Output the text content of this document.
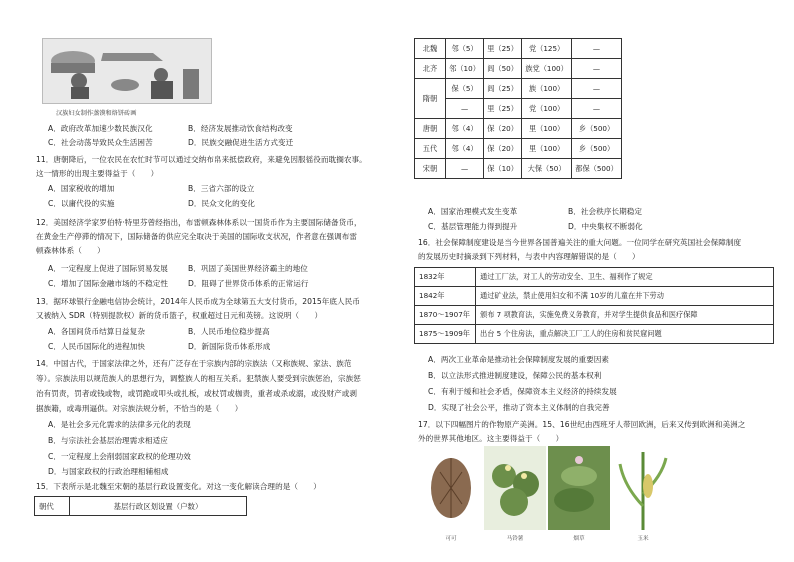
汉族妇女制作蒸馍和烙饼砖画
A．政府改革加速少数民族汉化	B．经济发展推动饮食结构改变
C．社会动荡导致民众生活困苦	D．民族交融促进生活方式变迁
11．唐朝降后，一位农民在农忙时节可以通过交纳布帛来抵偿政府，来避免因服徭役而耽搁农事。
这一情形的出现主要得益于（　　）
A．国家税收的增加	B．三省六部的设立
C．以庸代役的实施	D．民众文化的变化
12．美国经济学家罗伯特·特里芬曾经指出，布雷顿森林体系以一国货币作为主要国际储备货币，
在黄金生产停滞的情况下，国际储备的供应完全取决于美国的国际收支状况，作者意在强调布雷
顿森林体系（　　）
A．一定程度上促进了国际贸易发展	B．巩固了美国世界经济霸主的地位
C．增加了国际金融市场的不稳定性	D．阻碍了世界货币体系的正常运行
13．据环球银行金融电信协会统计，2014年人民币成为全球第五大支付货币，2015年底人民币
又被纳入 SDR（特别提款权）新的货币篮子，权重超过日元和英镑。这说明（　　）
A．各国间货币结算日益复杂	B．人民币地位稳步提高
C．人民币国际化的进程加快	D．新国际货币体系形成
14．中国古代，于国家法律之外，还有广泛存在于宗族内部的宗族法（又称族规、家法、族范
等）。宗族法用以规范族人的思想行为，调整族人的相互关系。犯禁族人要受到宗族惩治，宗族惩
治有罚责，罚者或钱或物，或罚跪或叩头或扎板，或杖罚或枷责，重者或杀或溺，或没财产或剥
据族籍，或毒刑逼供。对宗族法规分析，不恰当的是（　　）
A．是社会多元化需求的法律多元化的表现
B．与宗法社会基层治理需求相适应
C．一定程度上会削弱国家政权的伦理功效
D．与国家政权的行政治理相辅相成
15．下表所示是北魏至宋朝的基层行政设置变化。对这一变化解读合理的是（　　）
朝代	基层行政区划设置（户数）
北魏	邻（5）	里（25）	党（125）	—
北齐	邻（10）	闾（50）	族党（100）	—
隋朝	保（5）	闾（25）	族（100）	—
	—	里（25）	党（100）	—
唐朝	邻（4）	保（20）	里（100）	乡（500）
五代	邻（4）	保（20）	里（100）	乡（500）
宋朝	—	保（10）	大保（50）	都保（500）
A．国家治理模式发生变革	B．社会秩序长期稳定
C．基层管理能力得到提升	D．中央集权不断弱化
16．社会保障制度建设是当今世界各国普遍关注的重大问题。一位同学在研究英国社会保障制度
的发展历史时摘录到下列材料，与表中内容理解错误的是（　　）
1832年	通过工厂法，对工人的劳动安全、卫生、福利作了规定
1842年	通过矿业法，禁止使用妇女和不满 10岁的儿童在井下劳动
1870～1907年	颁布 7 项教育法，实施免费义务教育，并对学生提供食品和医疗保障
1875～1909年	出台 5 个住房法，重点解决工厂工人的住房和贫民窟问题
A．两次工业革命是推动社会保障制度发展的重要因素
B．以立法形式推进制度建设，保障公民的基本权利
C．有利于缓和社会矛盾，保障资本主义经济的持续发展
D．实现了社会公平，推动了资本主义体制的自我完善
17．以下四幅图片的作物原产美洲。15、16世纪由西班牙人带回欧洲，后来又传到欧洲和美洲之
外的世界其他地区。这主要得益于（　　）
可可	马铃薯	烟草	玉米
